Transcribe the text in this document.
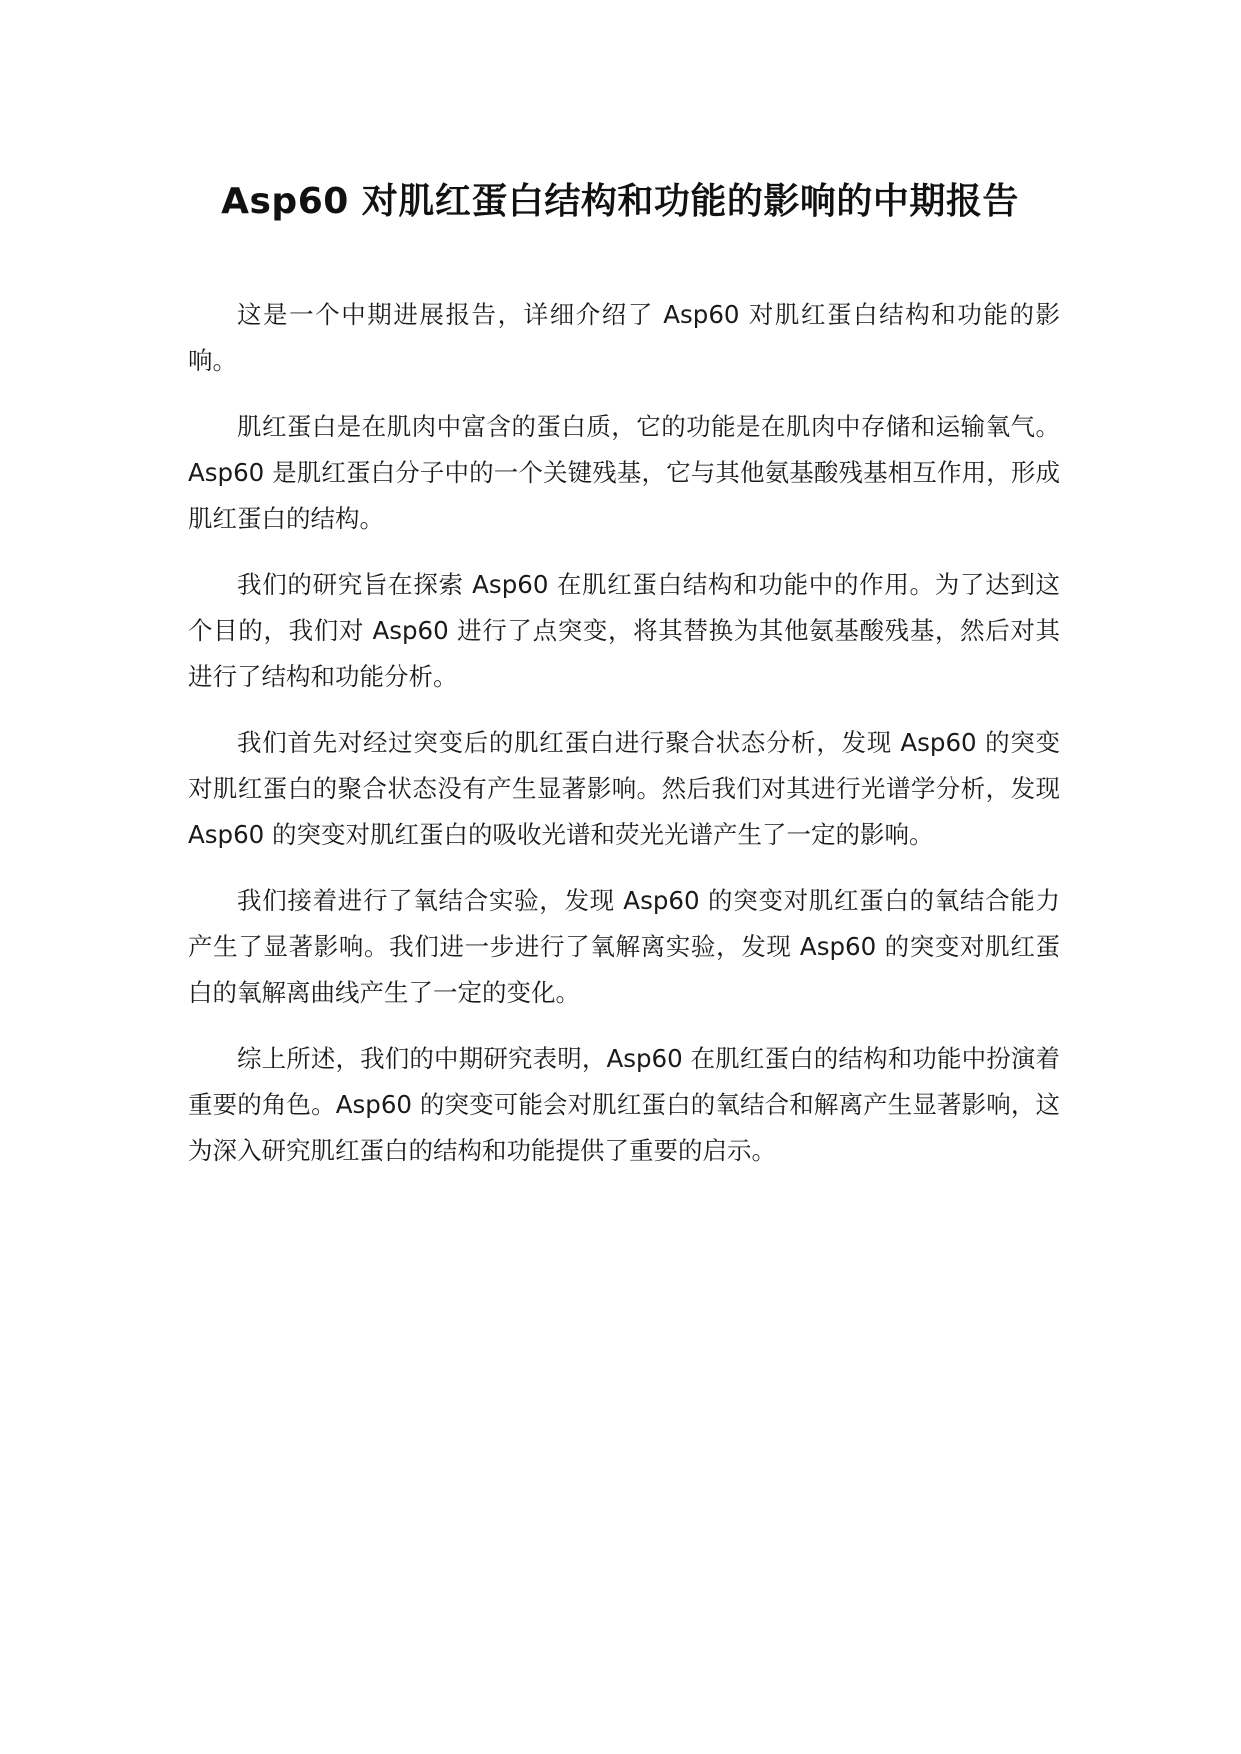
Asp60 对肌红蛋白结构和功能的影响的中期报告

这是一个中期进展报告，详细介绍了 Asp60 对肌红蛋白结构和功能的影响。

肌红蛋白是在肌肉中富含的蛋白质，它的功能是在肌肉中存储和运输氧气。Asp60 是肌红蛋白分子中的一个关键残基，它与其他氨基酸残基相互作用，形成肌红蛋白的结构。

我们的研究旨在探索 Asp60 在肌红蛋白结构和功能中的作用。为了达到这个目的，我们对 Asp60 进行了点突变，将其替换为其他氨基酸残基，然后对其进行了结构和功能分析。

我们首先对经过突变后的肌红蛋白进行聚合状态分析，发现 Asp60 的突变对肌红蛋白的聚合状态没有产生显著影响。然后我们对其进行光谱学分析，发现 Asp60 的突变对肌红蛋白的吸收光谱和荧光光谱产生了一定的影响。

我们接着进行了氧结合实验，发现 Asp60 的突变对肌红蛋白的氧结合能力产生了显著影响。我们进一步进行了氧解离实验，发现 Asp60 的突变对肌红蛋白的氧解离曲线产生了一定的变化。

综上所述，我们的中期研究表明，Asp60 在肌红蛋白的结构和功能中扮演着重要的角色。Asp60 的突变可能会对肌红蛋白的氧结合和解离产生显著影响，这为深入研究肌红蛋白的结构和功能提供了重要的启示。
